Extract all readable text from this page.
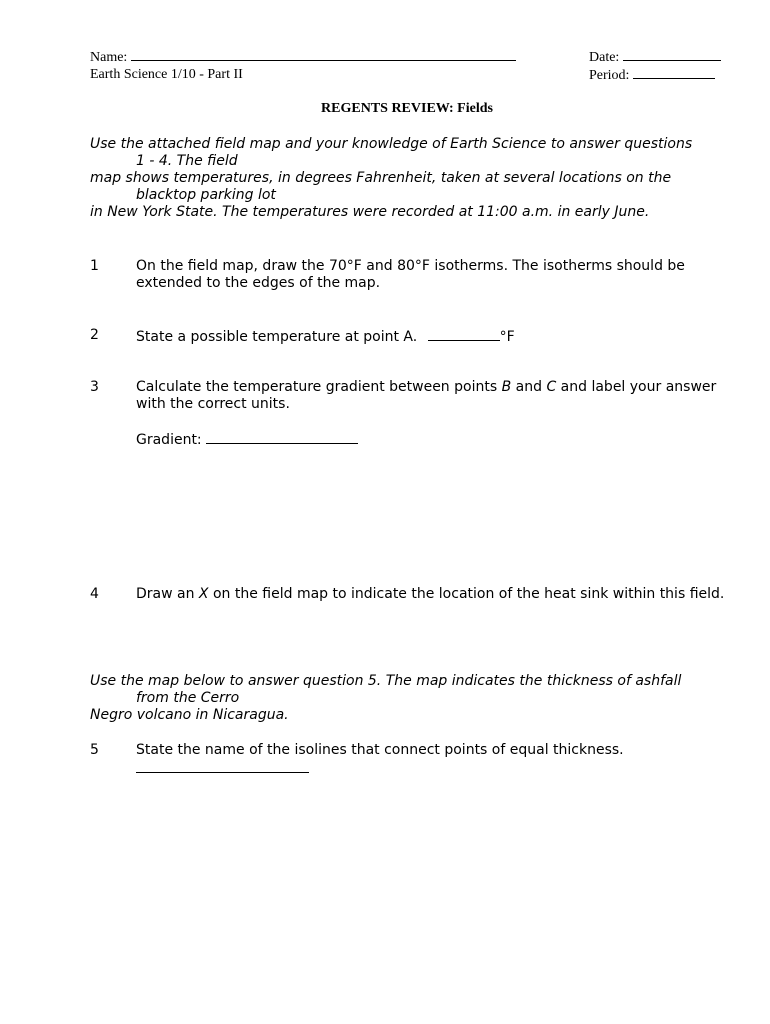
Name:
Earth Science 1/10 - Part II
Date:
Period:
REGENTS REVIEW: Fields
Use the attached field map and your knowledge of Earth Science to answer questions
1 - 4. The field
map shows temperatures, in degrees Fahrenheit, taken at several locations on the
blacktop parking lot
in New York State. The temperatures were recorded at 11:00 a.m. in early June.
1	On the field map, draw the 70°F and 80°F isotherms. The isotherms should be extended to the edges of the map.
2	State a possible temperature at point A.	°F
3	Calculate the temperature gradient between points B and C and label your answer with the correct units.
Gradient:
4	Draw an X on the field map to indicate the location of the heat sink within this field.
Use the map below to answer question 5. The map indicates the thickness of ashfall
from the Cerro
Negro volcano in Nicaragua.
5	State the name of the isolines that connect points of equal thickness.
